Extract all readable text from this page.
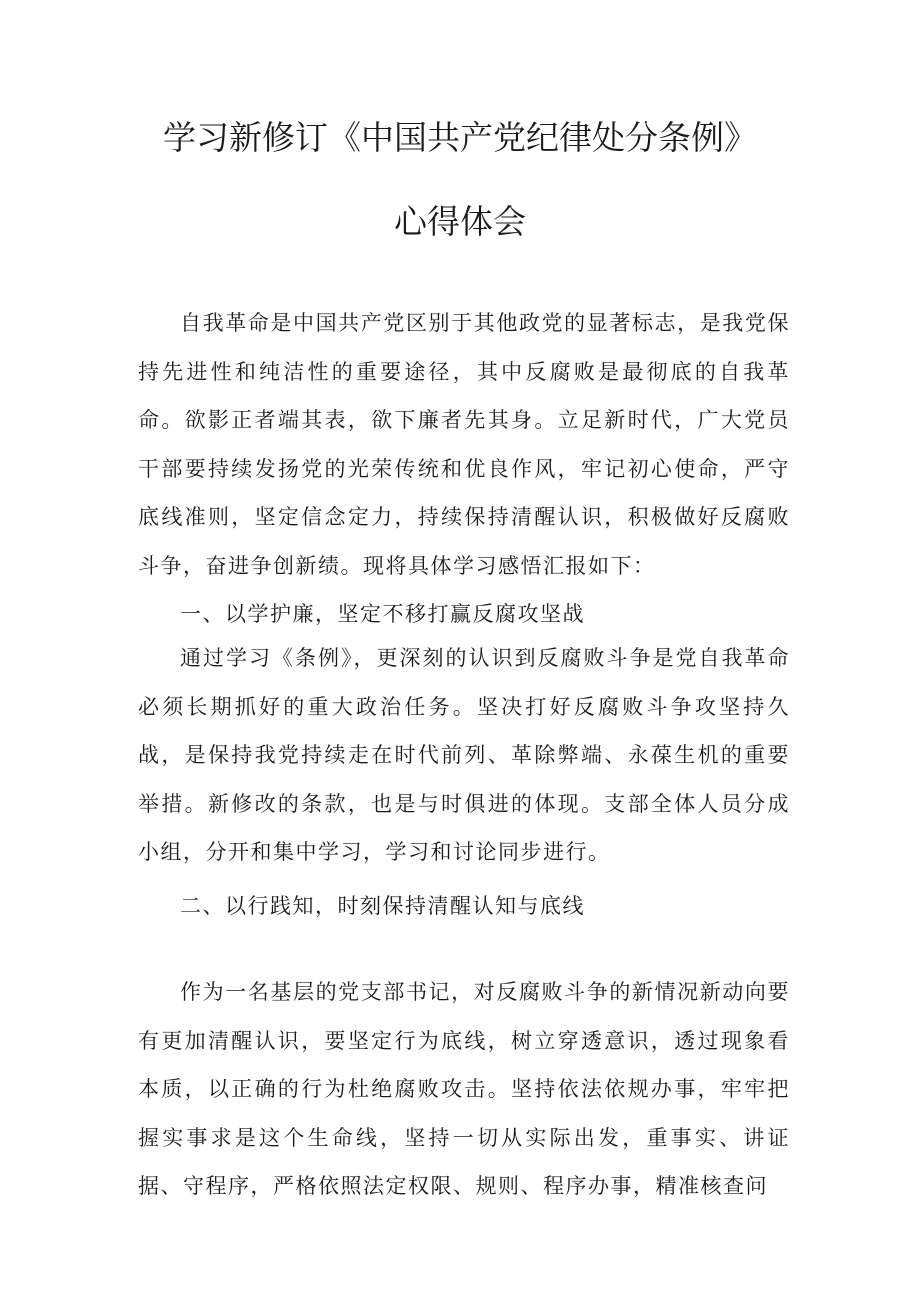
学习新修订《中国共产党纪律处分条例》
心得体会

自我革命是中国共产党区别于其他政党的显著标志，是我党保持先进性和纯洁性的重要途径，其中反腐败是最彻底的自我革命。欲影正者端其表，欲下廉者先其身。立足新时代，广大党员干部要持续发扬党的光荣传统和优良作风，牢记初心使命，严守底线准则，坚定信念定力，持续保持清醒认识，积极做好反腐败斗争，奋进争创新绩。现将具体学习感悟汇报如下：

一、以学护廉，坚定不移打赢反腐攻坚战

通过学习《条例》，更深刻的认识到反腐败斗争是党自我革命必须长期抓好的重大政治任务。坚决打好反腐败斗争攻坚持久战，是保持我党持续走在时代前列、革除弊端、永葆生机的重要举措。新修改的条款，也是与时俱进的体现。支部全体人员分成小组，分开和集中学习，学习和讨论同步进行。

二、以行践知，时刻保持清醒认知与底线

作为一名基层的党支部书记，对反腐败斗争的新情况新动向要有更加清醒认识，要坚定行为底线，树立穿透意识，透过现象看本质，以正确的行为杜绝腐败攻击。坚持依法依规办事，牢牢把握实事求是这个生命线，坚持一切从实际出发，重事实、讲证据、守程序，严格依照法定权限、规则、程序办事，精准核查问
